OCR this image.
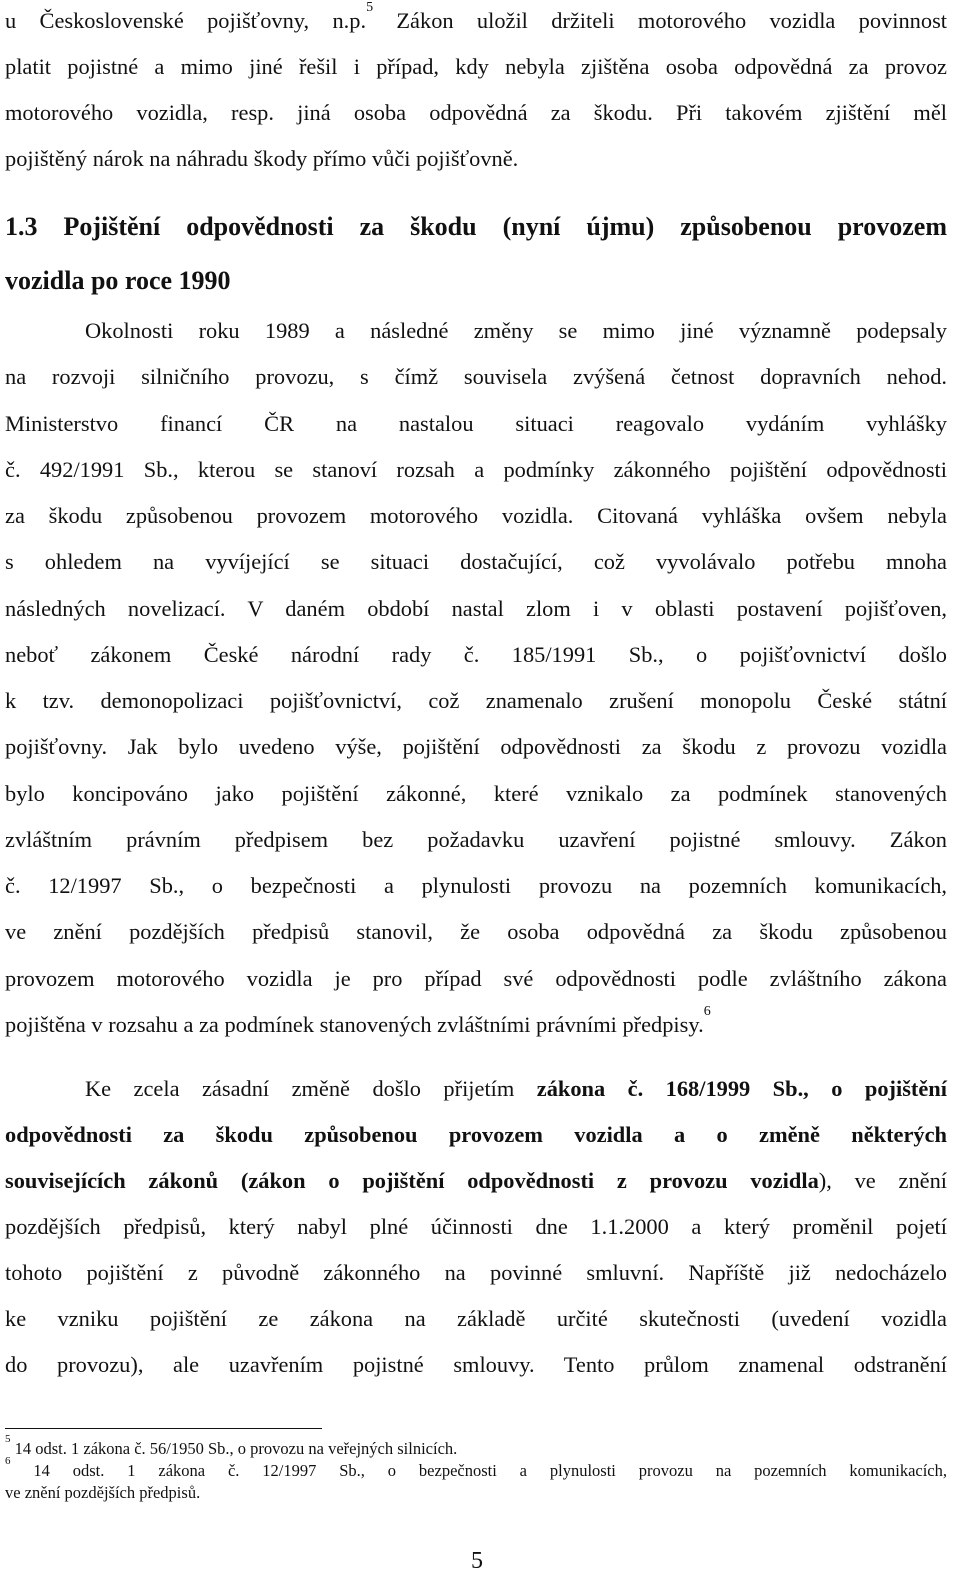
u Československé pojišťovny, n.p.$^5$ Zákon uložil držiteli motorového vozidla povinnost
platit pojistné a mimo jiné řešil i případ, kdy nebyla zjištěna osoba odpovědná za provoz
motorového vozidla, resp. jiná osoba odpovědná za škodu. Při takovém zjištění měl
pojištěný nárok na náhradu škody přímo vůči pojišťovně.
1.3 Pojištění odpovědnosti za škodu (nyní újmu) způsobenou provozem
vozidla po roce 1990
Okolnosti roku 1989 a následné změny se mimo jiné významně podepsaly
na rozvoji silničního provozu, s čímž souvisela zvýšená četnost dopravních nehod.
Ministerstvo financí ČR na nastalou situaci reagovalo vydáním vyhlášky
č. 492/1991 Sb., kterou se stanoví rozsah a podmínky zákonného pojištění odpovědnosti
za škodu způsobenou provozem motorového vozidla. Citovaná vyhláška ovšem nebyla
s ohledem na vyvíjející se situaci dostačující, což vyvolávalo potřebu mnoha
následných novelizací. V daném období nastal zlom i v oblasti postavení pojišťoven,
neboť zákonem České národní rady č. 185/1991 Sb., o pojišťovnictví došlo
k tzv. demonopolizaci pojišťovnictví, což znamenalo zrušení monopolu České státní
pojišťovny. Jak bylo uvedeno výše, pojištění odpovědnosti za škodu z provozu vozidla
bylo koncipováno jako pojištění zákonné, které vznikalo za podmínek stanovených
zvláštním právním předpisem bez požadavku uzavření pojistné smlouvy. Zákon
č. 12/1997 Sb., o bezpečnosti a plynulosti provozu na pozemních komunikacích,
ve znění pozdějších předpisů stanovil, že osoba odpovědná za škodu způsobenou
provozem motorového vozidla je pro případ své odpovědnosti podle zvláštního zákona
pojištěna v rozsahu a za podmínek stanovených zvláštními právními předpisy.$^6$
Ke zcela zásadní změně došlo přijetím zákona č. 168/1999 Sb., o pojištění
odpovědnosti za škodu způsobenou provozem vozidla a o změně některých
souvisejících zákonů (zákon o pojištění odpovědnosti z provozu vozidla), ve znění
pozdějších předpisů, který nabyl plné účinnosti dne 1.1.2000 a který proměnil pojetí
tohoto pojištění z původně zákonného na povinné smluvní. Napříště již nedocházelo
ke vzniku pojištění ze zákona na základě určité skutečnosti (uvedení vozidla
do provozu), ale uzavřením pojistné smlouvy. Tento průlom znamenal odstranění
$^5$ 14 odst. 1 zákona č. 56/1950 Sb., o provozu na veřejných silnicích.
$^6$ 14 odst. 1 zákona č. 12/1997 Sb., o bezpečnosti a plynulosti provozu na pozemních komunikacích,
ve znění pozdějších předpisů.
5
